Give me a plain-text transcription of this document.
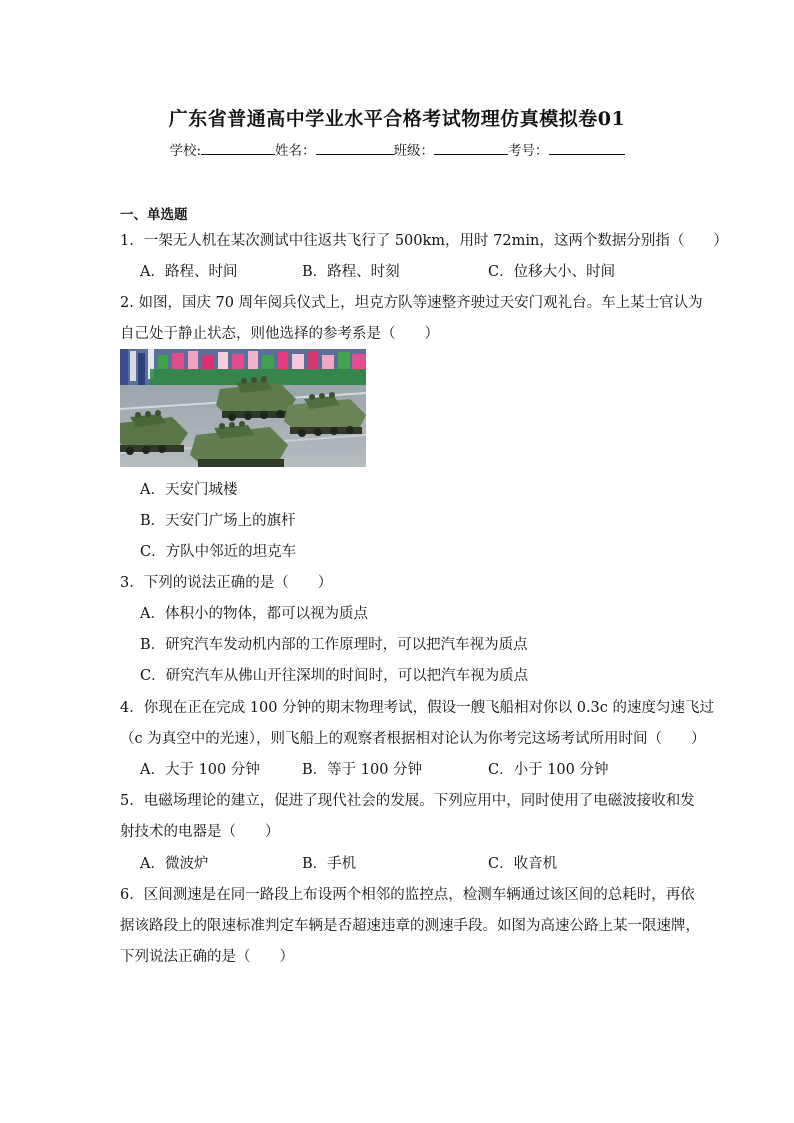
广东省普通高中学业水平合格考试物理仿真模拟卷01
学校:	姓名：	班级：	考号：
一、单选题
1．一架无人机在某次测试中往返共飞行了 500km，用时 72min，这两个数据分别指（　　）
A．路程、时间	B．路程、时刻	C．位移大小、时间
2. 如图，国庆 70 周年阅兵仪式上，坦克方队等速整齐驶过天安门观礼台。车上某士官认为
自己处于静止状态，则他选择的参考系是（　　）
A．天安门城楼
B．天安门广场上的旗杆
C．方队中邻近的坦克车
3．下列的说法正确的是（　　）
A．体积小的物体，都可以视为质点
B．研究汽车发动机内部的工作原理时，可以把汽车视为质点
C．研究汽车从佛山开往深圳的时间时，可以把汽车视为质点
4．你现在正在完成 100 分钟的期末物理考试，假设一艘飞船相对你以 0.3c 的速度匀速飞过
（c 为真空中的光速），则飞船上的观察者根据相对论认为你考完这场考试所用时间（　　）
A．大于 100 分钟	B．等于 100 分钟	C．小于 100 分钟
5．电磁场理论的建立，促进了现代社会的发展。下列应用中，同时使用了电磁波接收和发
射技术的电器是（　　）
A．微波炉	B．手机	C．收音机
6．区间测速是在同一路段上布设两个相邻的监控点，检测车辆通过该区间的总耗时，再依
据该路段上的限速标准判定车辆是否超速违章的测速手段。如图为高速公路上某一限速牌，
下列说法正确的是（　　）
